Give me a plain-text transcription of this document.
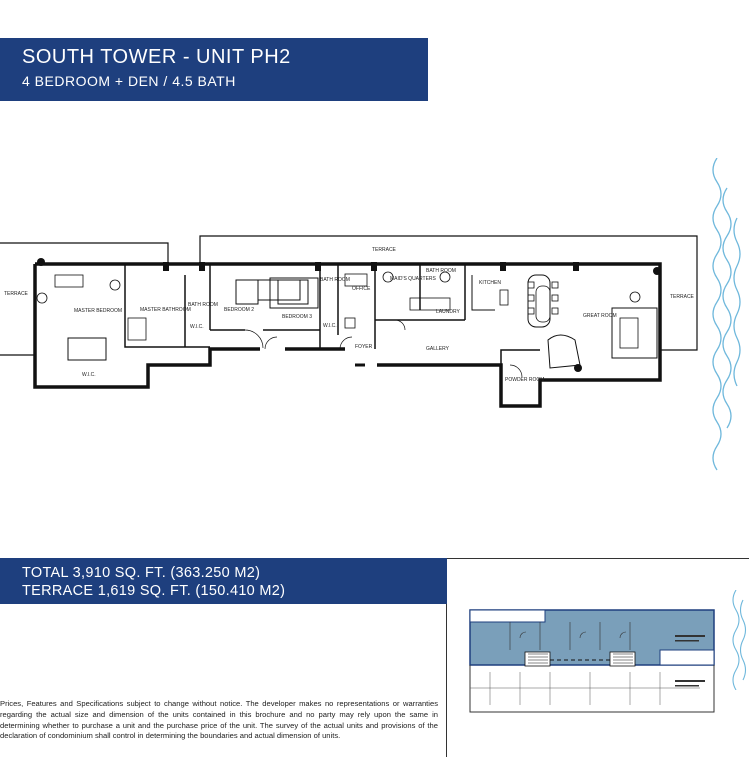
SOUTH TOWER - UNIT PH2
4 BEDROOM + DEN / 4.5 BATH
TERRACE
TERRACE
TERRACE
MASTER BEDROOM	MASTER BATHROOM
BATH ROOM
W.I.C.
W.I.C.
BEDROOM 2
BEDROOM 3
BATH ROOM
W.I.C.
OFFICE
FOYER
MAID'S QUARTERS
BATH ROOM
LAUNDRY
GALLERY
KITCHEN
GREAT ROOM
POWDER ROOM
TOTAL 3,910 SQ. FT. (363.250 M2)
TERRACE 1,619 SQ. FT. (150.410 M2)
Prices, Features and Specifications subject to change without notice. The developer makes no representations or warranties regarding the actual size and dimension of the units contained in this brochure and no party may rely upon the same in determining whether to purchase a unit and the purchase price of the unit. The survey of the actual units and provisions of the declaration of condominium shall control in determining the boundaries and actual dimension of units.
